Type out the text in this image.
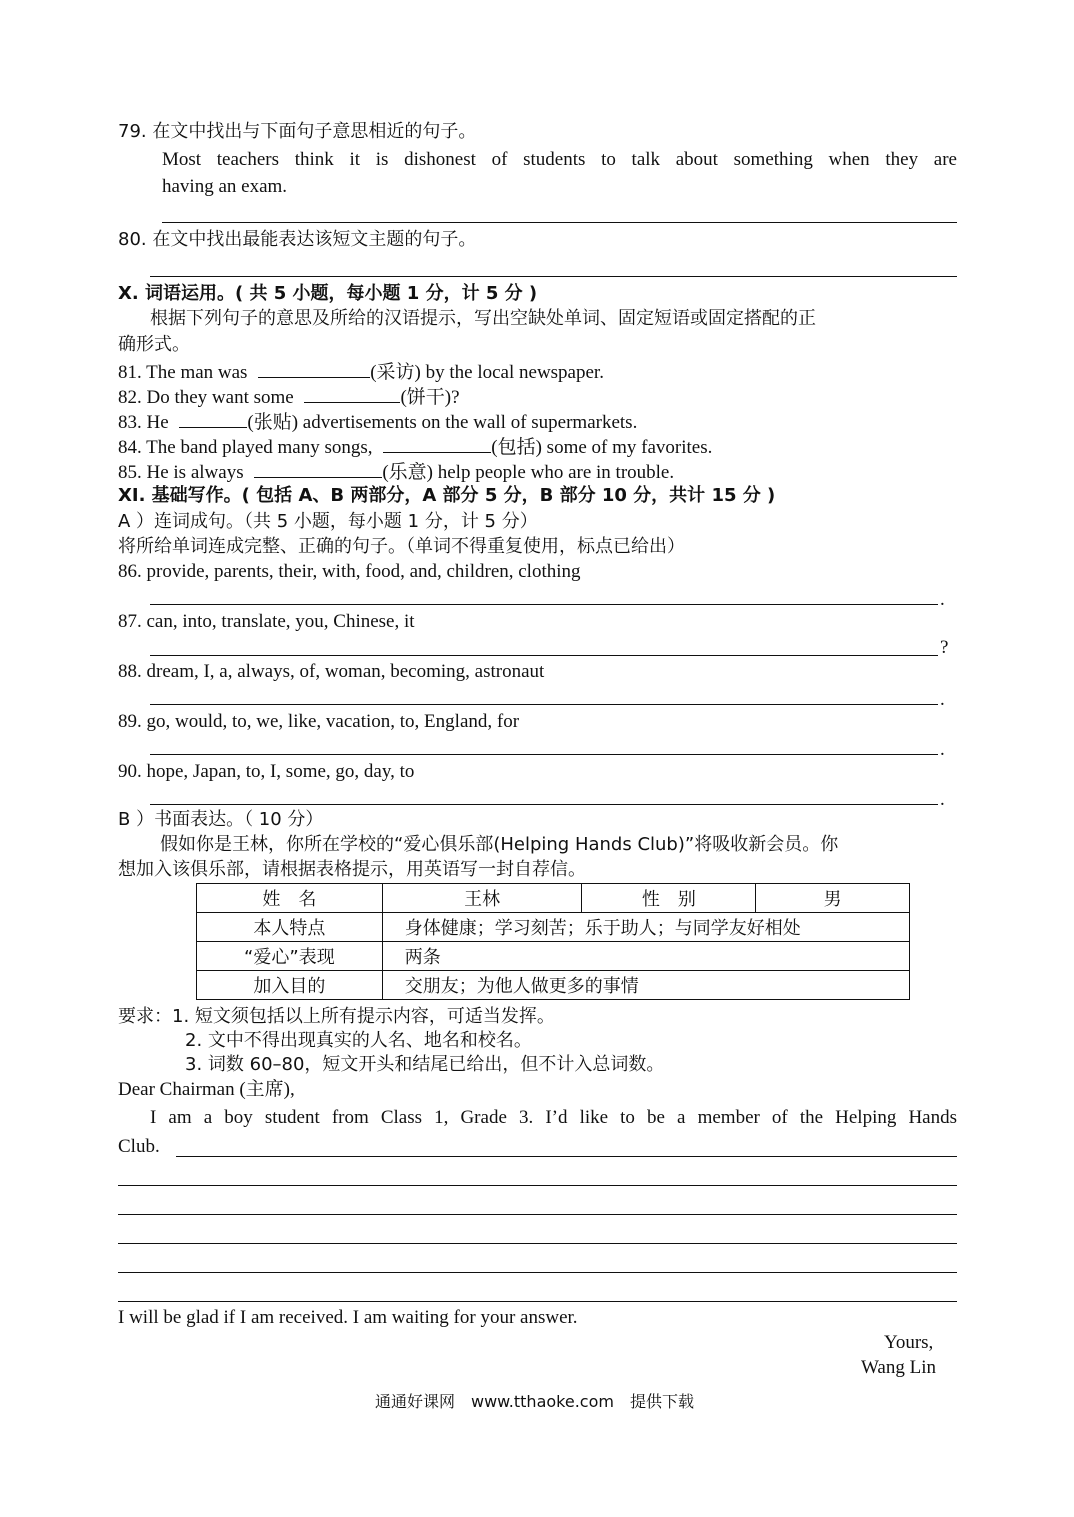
79. 在文中找出与下面句子意思相近的句子。
Most teachers think it is dishonest of students to talk about something when they are
having an exam.
80. 在文中找出最能表达该短文主题的句子。
X. 词语运用。( 共 5 小题，每小题 1 分，计 5 分 )
根据下列句子的意思及所给的汉语提示，写出空缺处单词、固定短语或固定搭配的正
确形式。
81. The man was	(采访) by the local newspaper.
82. Do they want some	(饼干)?
83. He	(张贴) advertisements on the wall of supermarkets.
84. The band played many songs,	(包括) some of my favorites.
85. He is always	(乐意) help people who are in trouble.
XI. 基础写作。( 包括 A、B 两部分，A 部分 5 分，B 部分 10 分，共计 15 分 )
A ）连词成句。（共 5 小题，每小题 1 分，计 5 分）
将所给单词连成完整、正确的句子。（单词不得重复使用，标点已给出）
86. provide, parents, their, with, food, and, children, clothing
.
87. can, into, translate, you, Chinese, it
?
88. dream, I, a, always, of, woman, becoming, astronaut
.
89. go, would, to, we, like, vacation, to, England, for
.
90. hope, Japan, to, I, some, go, day, to
.
B ）书面表达。（ 10 分）
假如你是王林，你所在学校的“爱心俱乐部(Helping Hands Club)”将吸收新会员。你
想加入该俱乐部，请根据表格提示，用英语写一封自荐信。
姓　名	王林	性　别	男
本人特点	身体健康；学习刻苦；乐于助人；与同学友好相处		
“爱心”表现	两条		
加入目的	交朋友；为他人做更多的事情		
要求：1. 短文须包括以上所有提示内容，可适当发挥。
2. 文中不得出现真实的人名、地名和校名。
3. 词数 60–80，短文开头和结尾已给出，但不计入总词数。
Dear Chairman (主席),
I am a boy student from Class 1, Grade 3. I’d like to be a member of the Helping Hands
Club.
I will be glad if I am received. I am waiting for your answer.
Yours,
Wang Lin
通通好课网　www.tthaoke.com　提供下载
